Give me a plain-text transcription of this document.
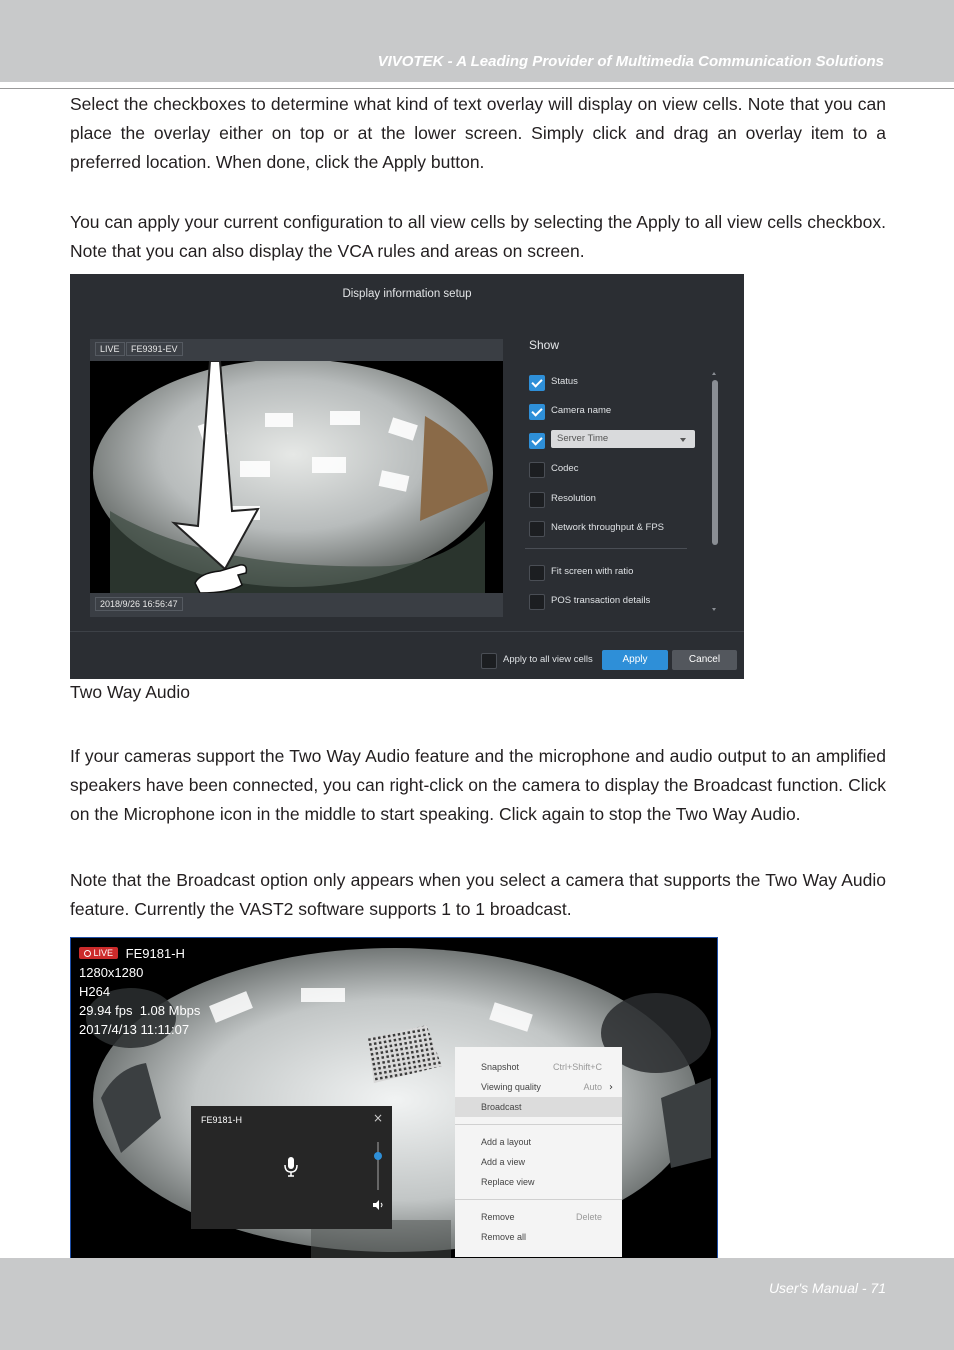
VIVOTEK - A Leading Provider of Multimedia Communication Solutions

Select the checkboxes to determine what kind of text overlay will display on view cells. Note that you can place the overlay either on top or at the lower screen. Simply click and drag an overlay item to a preferred location. When done, click the Apply button.

You can apply your current configuration to all view cells by selecting the Apply to all view cells checkbox. Note that you can also display the VCA rules and areas on screen.

Display information setup
LIVE	FE9391-EV
2018/9/26 16:56:47
Show
Status
Camera name
Server Time
Codec
Resolution
Network throughput & FPS
Fit screen with ratio
POS transaction details
Apply to all view cells	Apply	Cancel
Two Way Audio

If your cameras support the Two Way Audio feature and the microphone and audio output to an amplified speakers have been connected, you can right-click on the camera to display the Broadcast function. Click on the Microphone icon in the middle to start speaking. Click again to stop the Two Way Audio.

Note that the Broadcast option only appears when you select a camera that supports the Two Way Audio feature. Currently the VAST2 software supports 1 to 1 broadcast.

LIVE FE9181-H
1280x1280
H264
29.94 fps  1.08 Mbps
2017/4/13 11:11:07
Snapshot	Ctrl+Shift+C
Viewing quality	Auto ›
Broadcast
Add a layout
Add a view
Replace view
Remove	Delete
Remove all
FE9181-H	×
User's Manual - 71
